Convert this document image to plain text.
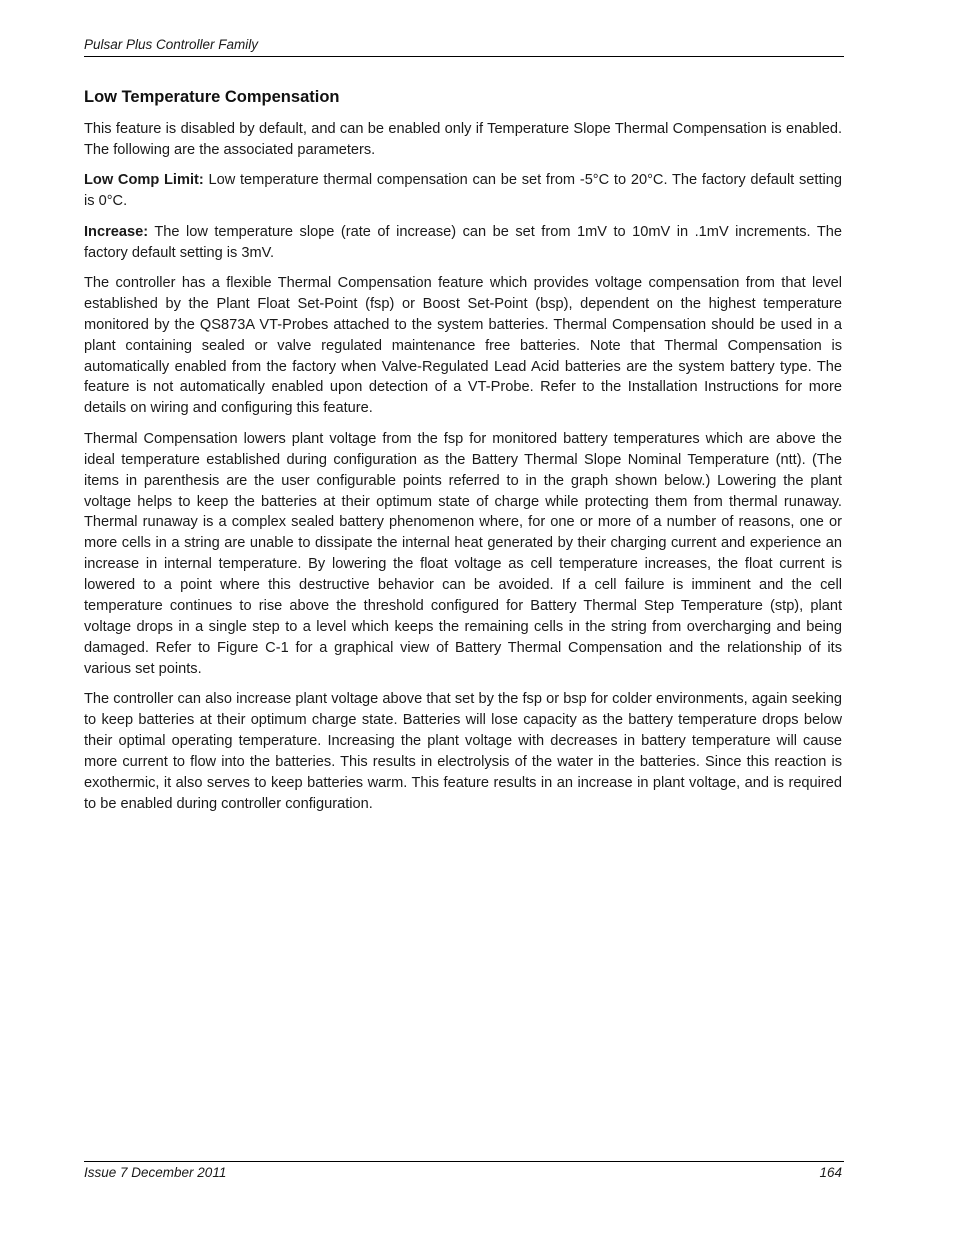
Pulsar Plus Controller Family
Low Temperature Compensation

This feature is disabled by default, and can be enabled only if Temperature Slope Thermal Compensation is enabled. The following are the associated parameters.

Low Comp Limit: Low temperature thermal compensation can be set from -5°C to 20°C. The factory default setting is 0°C.

Increase: The low temperature slope (rate of increase) can be set from 1mV to 10mV in .1mV increments. The factory default setting is 3mV.

The controller has a flexible Thermal Compensation feature which provides voltage compensation from that level established by the Plant Float Set-Point (fsp) or Boost Set-Point (bsp), dependent on the highest temperature monitored by the QS873A VT-Probes attached to the system batteries. Thermal Compensation should be used in a plant containing sealed or valve regulated maintenance free batteries. Note that Thermal Compensation is automatically enabled from the factory when Valve-Regulated Lead Acid batteries are the system battery type. The feature is not automatically enabled upon detection of a VT-Probe. Refer to the Installation Instructions for more details on wiring and configuring this feature.

Thermal Compensation lowers plant voltage from the fsp for monitored battery temperatures which are above the ideal temperature established during configuration as the Battery Thermal Slope Nominal Temperature (ntt). (The items in parenthesis are the user configurable points referred to in the graph shown below.) Lowering the plant voltage helps to keep the batteries at their optimum state of charge while protecting them from thermal runaway. Thermal runaway is a complex sealed battery phenomenon where, for one or more of a number of reasons, one or more cells in a string are unable to dissipate the internal heat generated by their charging current and experience an increase in internal temperature. By lowering the float voltage as cell temperature increases, the float current is lowered to a point where this destructive behavior can be avoided. If a cell failure is imminent and the cell temperature continues to rise above the threshold configured for Battery Thermal Step Temperature (stp), plant voltage drops in a single step to a level which keeps the remaining cells in the string from overcharging and being damaged. Refer to Figure C-1 for a graphical view of Battery Thermal Compensation and the relationship of its various set points.

The controller can also increase plant voltage above that set by the fsp or bsp for colder environments, again seeking to keep batteries at their optimum charge state. Batteries will lose capacity as the battery temperature drops below their optimal operating temperature. Increasing the plant voltage with decreases in battery temperature will cause more current to flow into the batteries. This results in electrolysis of the water in the batteries. Since this reaction is exothermic, it also serves to keep batteries warm. This feature results in an increase in plant voltage, and is required to be enabled during controller configuration.

Issue 7 December 2011	164
